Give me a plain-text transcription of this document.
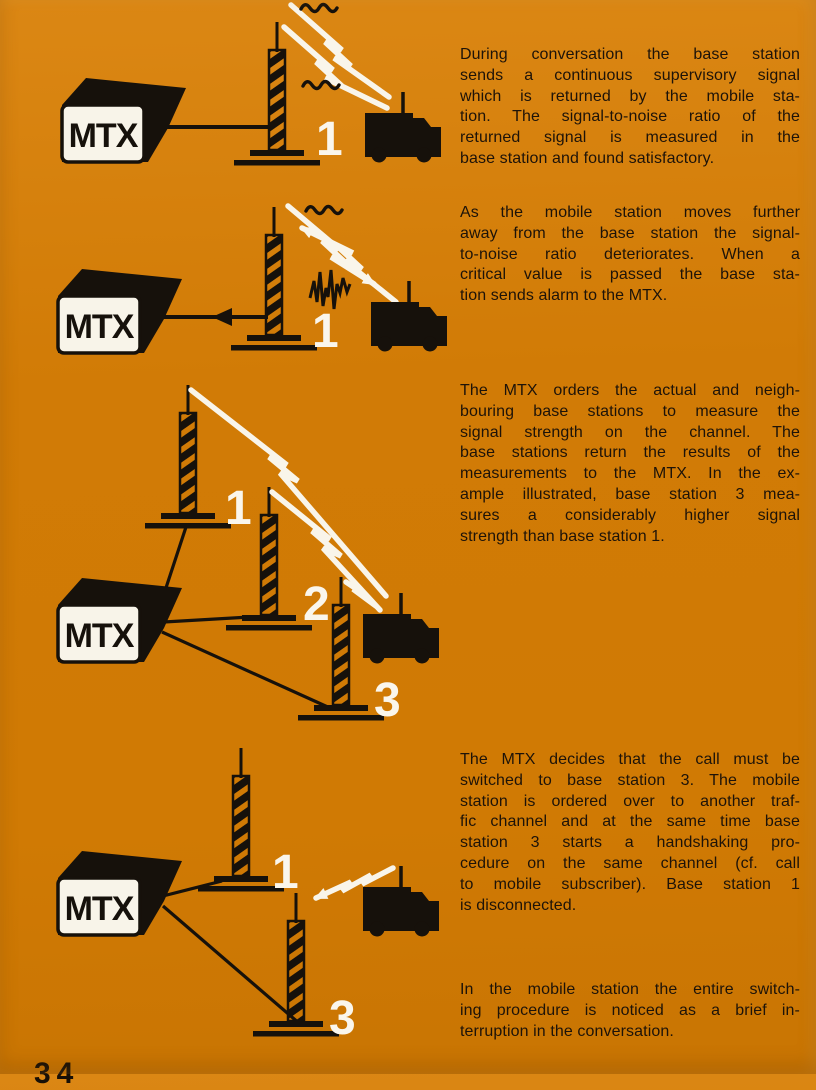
MTX	1
MTX	1
MTX
1
2
3
MTX
1
3
During conversation the base station
sends a continuous supervisory signal
which is returned by the mobile sta-
tion. The signal-to-noise ratio of the
returned signal is measured in the
base station and found satisfactory.
As the mobile station moves further
away from the base station the signal-
to-noise ratio deteriorates. When a
critical value is passed the base sta-
tion sends alarm to the MTX.
The MTX orders the actual and neigh-
bouring base stations to measure the
signal strength on the channel. The
base stations return the results of the
measurements to the MTX. In the ex-
ample illustrated, base station 3 mea-
sures a considerably higher signal
strength than base station 1.
The MTX decides that the call must be
switched to base station 3. The mobile
station is ordered over to another traf-
fic channel and at the same time base
station 3 starts a handshaking pro-
cedure on the same channel (cf. call
to mobile subscriber). Base station 1
is disconnected.
In the mobile station the entire switch-
ing procedure is noticed as a brief in-
terruption in the conversation.
34
